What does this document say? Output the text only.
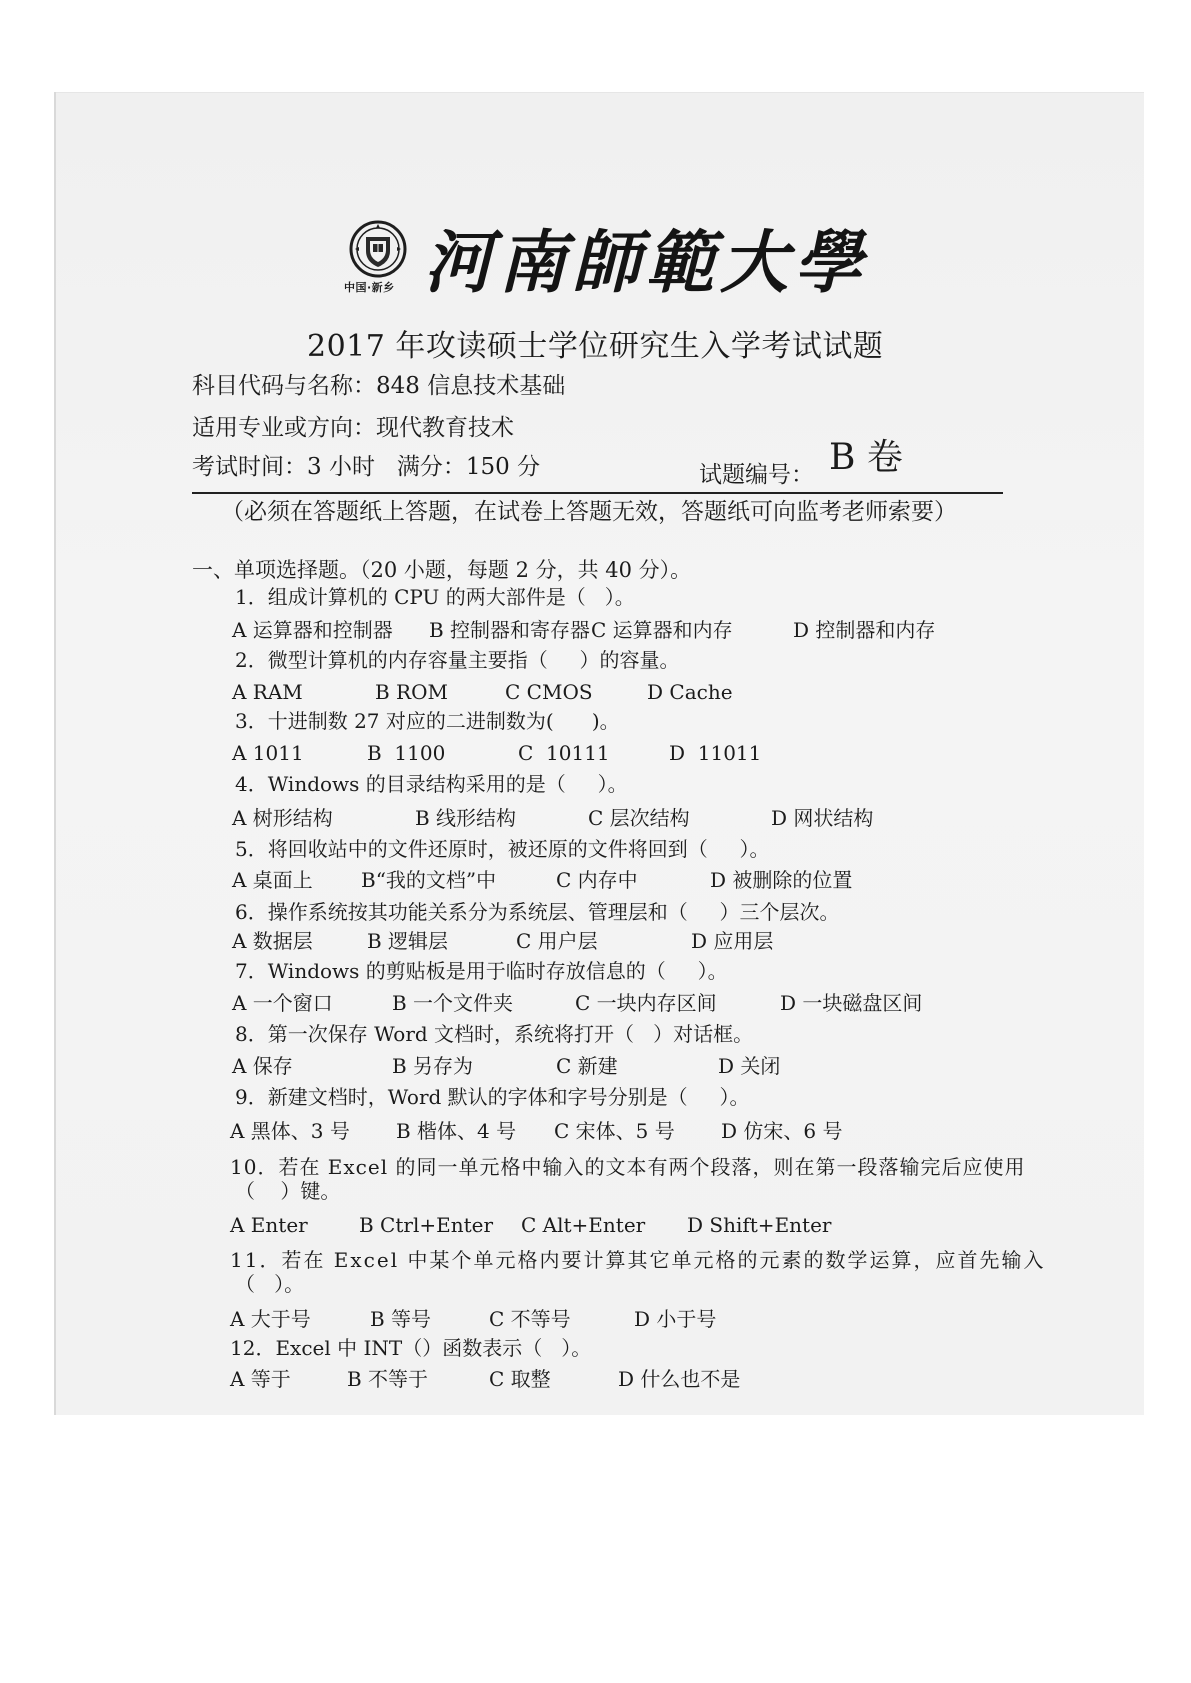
中国·新乡 河南師範大學
2017 年攻读硕士学位研究生入学考试试题
科目代码与名称：848 信息技术基础
适用专业或方向：现代教育技术
考试时间：3 小时   满分：150 分	试题编号： B 卷
（必须在答题纸上答题，在试卷上答题无效，答题纸可向监考老师索要）
一、单项选择题。（20 小题，每题 2 分，共 40 分）。
1．组成计算机的 CPU 的两大部件是（   ）。
A 运算器和控制器 B 控制器和寄存器 C 运算器和内存	D 控制器和内存
2．微型计算机的内存容量主要指（     ）的容量。
A RAM	B ROM	C CMOS	D Cache
3．十进制数 27 对应的二进制数为(      )。
A 1011	B  1100	C  10111	D  11011
4．Windows 的目录结构采用的是（     ）。
A 树形结构	B 线形结构	C 层次结构	D 网状结构
5．将回收站中的文件还原时，被还原的文件将回到（     ）。
A 桌面上 B“我的文档”中	C 内存中	D 被删除的位置
6．操作系统按其功能关系分为系统层、管理层和（     ）三个层次。
A 数据层	B 逻辑层	C 用户层	D 应用层
7．Windows 的剪贴板是用于临时存放信息的（     ）。
A 一个窗口	B 一个文件夹	C 一块内存区间	D 一块磁盘区间
8．第一次保存 Word 文档时，系统将打开（   ）对话框。
A 保存	B 另存为	C 新建	D 关闭
9．新建文档时，Word 默认的字体和字号分别是（     ）。
A 黑体、3 号 B 楷体、4 号 C 宋体、5 号 D 仿宋、6 号
10．若在 Excel 的同一单元格中输入的文本有两个段落，则在第一段落输完后应使用
（    ）键。
A Enter	B Ctrl+Enter C Alt+Enter D Shift+Enter
11．若在 Excel 中某个单元格内要计算其它单元格的元素的数学运算，应首先输入
（   ）。
A 大于号	B 等号	C 不等号	D 小于号
12．Excel 中 INT（）函数表示（   ）。
A 等于	B 不等于	C 取整	D 什么也不是
